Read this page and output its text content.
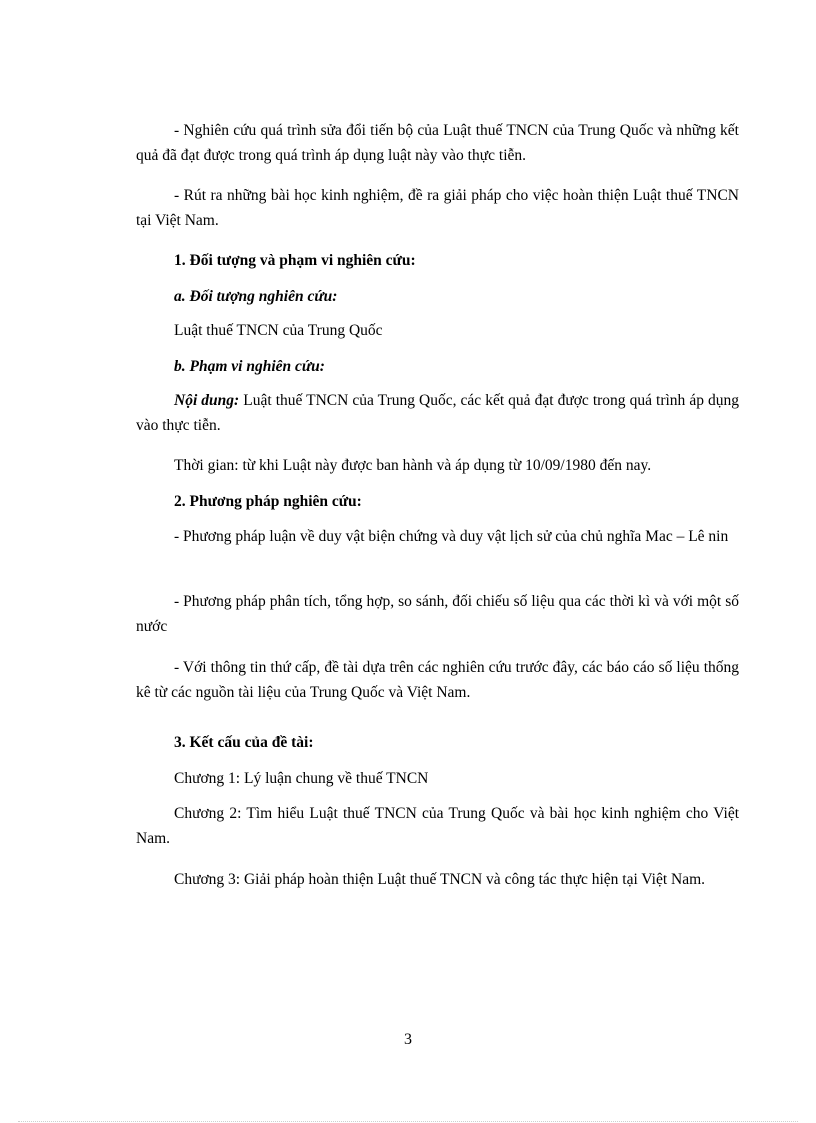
- Nghiên cứu quá trình sửa đổi tiến bộ của Luật thuế TNCN của Trung Quốc và những kết quả đã đạt được trong quá trình áp dụng luật này vào thực tiễn.

- Rút ra những bài học kinh nghiệm, đề ra giải pháp cho việc hoàn thiện Luật thuế TNCN tại Việt Nam.

1. Đối tượng và phạm vi nghiên cứu:

a. Đối tượng nghiên cứu:

Luật thuế TNCN của Trung Quốc

b. Phạm vi nghiên cứu:

Nội dung: Luật thuế TNCN của Trung Quốc, các kết quả đạt được trong quá trình áp dụng vào thực tiễn.

Thời gian: từ khi Luật này được ban hành và áp dụng từ 10/09/1980 đến nay.

2. Phương pháp nghiên cứu:

- Phương pháp luận về duy vật biện chứng và duy vật lịch sử của chủ nghĩa Mac – Lê nin

- Phương pháp phân tích, tổng hợp, so sánh, đối chiếu số liệu qua các thời kì và với một số nước

- Với thông tin thứ cấp, đề tài dựa trên các nghiên cứu trước đây, các báo cáo số liệu thống kê từ các nguồn tài liệu của Trung Quốc và Việt Nam.

3. Kết cấu của đề tài:

Chương 1: Lý luận chung về thuế TNCN

Chương 2: Tìm hiểu Luật thuế TNCN của Trung Quốc và bài học kinh nghiệm cho Việt Nam.

Chương 3: Giải pháp hoàn thiện Luật thuế TNCN và công tác thực hiện tại Việt Nam.

3
